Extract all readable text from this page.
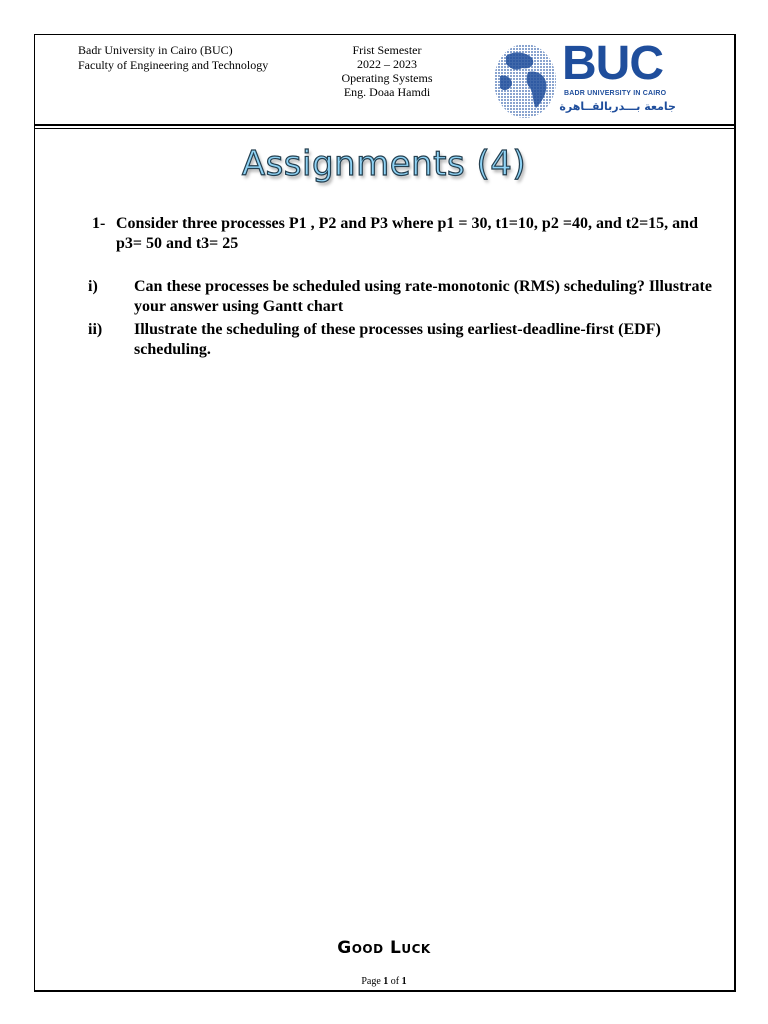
Badr University in Cairo (BUC)
Faculty of Engineering and Technology
Frist Semester
2022 – 2023
Operating Systems
Eng. Doaa Hamdi
BUC
BADR UNIVERSITY IN CAIRO
جامعة بـــدربالقــاهرة
Assignments (4)
1- Consider three processes P1 , P2 and P3 where p1 = 30, t1=10, p2 =40, and t2=15, and p3= 50 and t3= 25
i) Can these processes be scheduled using rate-monotonic (RMS) scheduling? Illustrate your answer using Gantt chart
ii) Illustrate the scheduling of these processes using earliest-deadline-first (EDF) scheduling.
Good Luck
Page 1 of 1
